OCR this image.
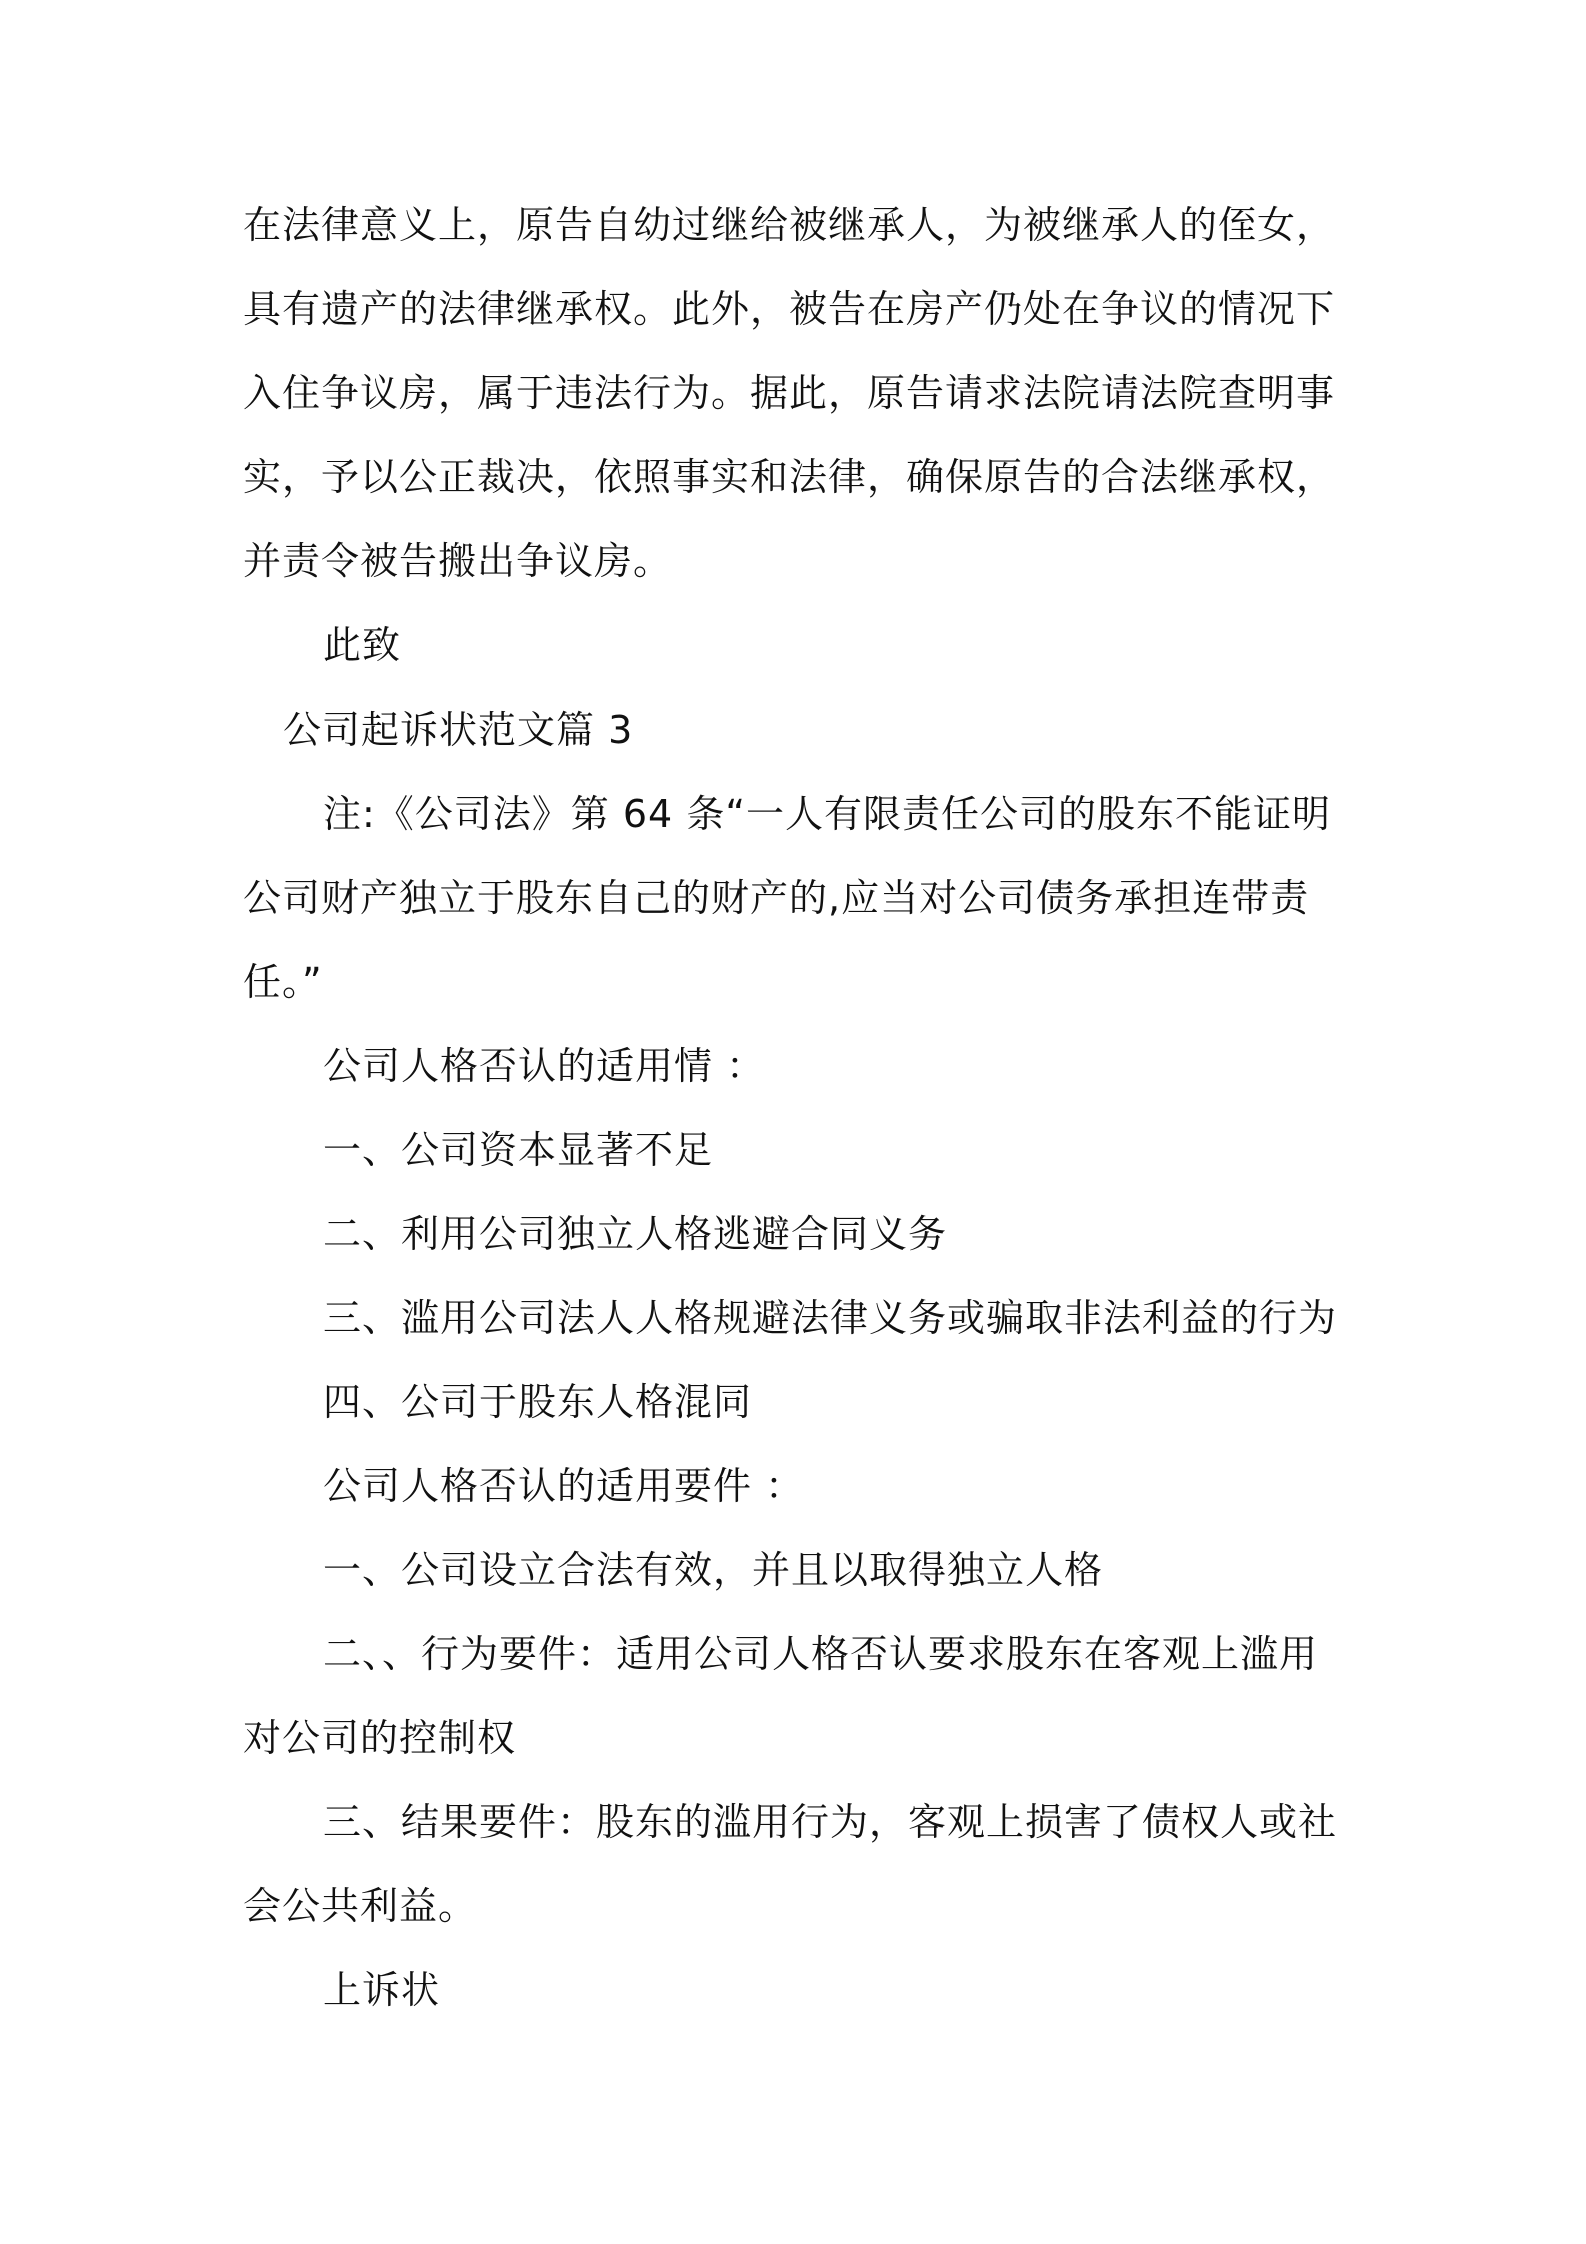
在法律意义上，原告自幼过继给被继承人，为被继承人的侄女，
具有遗产的法律继承权。此外，被告在房产仍处在争议的情况下
入住争议房，属于违法行为。据此，原告请求法院请法院查明事
实，予以公正裁决，依照事实和法律，确保原告的合法继承权，
并责令被告搬出争议房。
此致
公司起诉状范文篇 3
注:《公司法》第 64 条“一人有限责任公司的股东不能证明
公司财产独立于股东自己的财产的,应当对公司债务承担连带责
任。”
公司人格否认的适用情 ：
一、公司资本显著不足
二、利用公司独立人格逃避合同义务
三、滥用公司法人人格规避法律义务或骗取非法利益的行为
四、公司于股东人格混同
公司人格否认的适用要件 ：
一、公司设立合法有效，并且以取得独立人格
二、、行为要件：适用公司人格否认要求股东在客观上滥用
对公司的控制权
三、结果要件：股东的滥用行为，客观上损害了债权人或社
会公共利益。
上诉状
